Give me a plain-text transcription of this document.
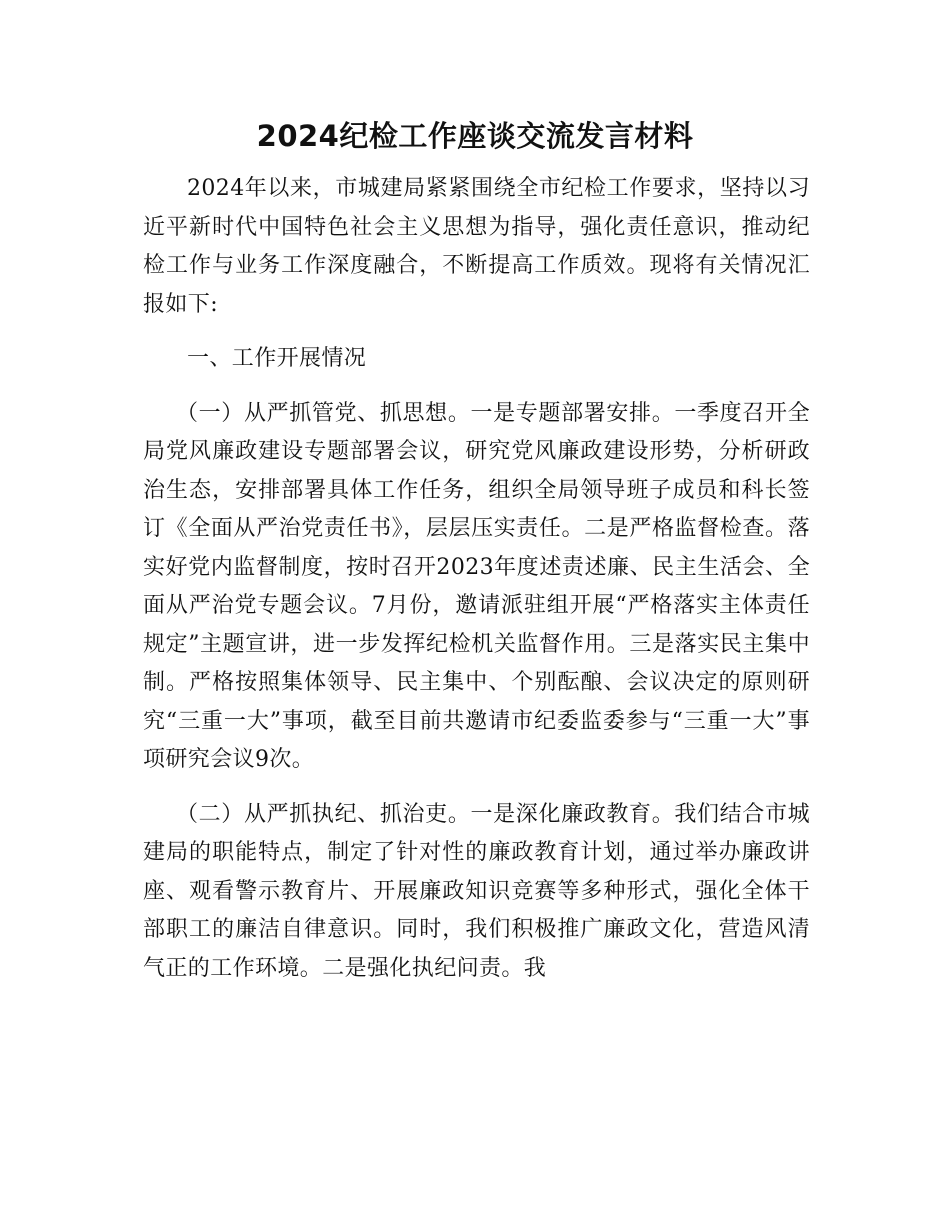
2024纪检工作座谈交流发言材料

2024年以来，市城建局紧紧围绕全市纪检工作要求，坚持以习近平新时代中国特色社会主义思想为指导，强化责任意识，推动纪检工作与业务工作深度融合，不断提高工作质效。现将有关情况汇报如下:

一、工作开展情况

（一）从严抓管党、抓思想。一是专题部署安排。一季度召开全局党风廉政建设专题部署会议，研究党风廉政建设形势，分析研政治生态，安排部署具体工作任务，组织全局领导班子成员和科长签订《全面从严治党责任书》，层层压实责任。二是严格监督检查。落实好党内监督制度，按时召开2023年度述责述廉、民主生活会、全面从严治党专题会议。7月份，邀请派驻组开展“严格落实主体责任规定”主题宣讲，进一步发挥纪检机关监督作用。三是落实民主集中制。严格按照集体领导、民主集中、个别酝酿、会议决定的原则研究“三重一大”事项，截至目前共邀请市纪委监委参与“三重一大”事项研究会议9次。

（二）从严抓执纪、抓治吏。一是深化廉政教育。我们结合市城建局的职能特点，制定了针对性的廉政教育计划，通过举办廉政讲座、观看警示教育片、开展廉政知识竞赛等多种形式，强化全体干部职工的廉洁自律意识。同时，我们积极推广廉政文化，营造风清气正的工作环境。二是强化执纪问责。我
